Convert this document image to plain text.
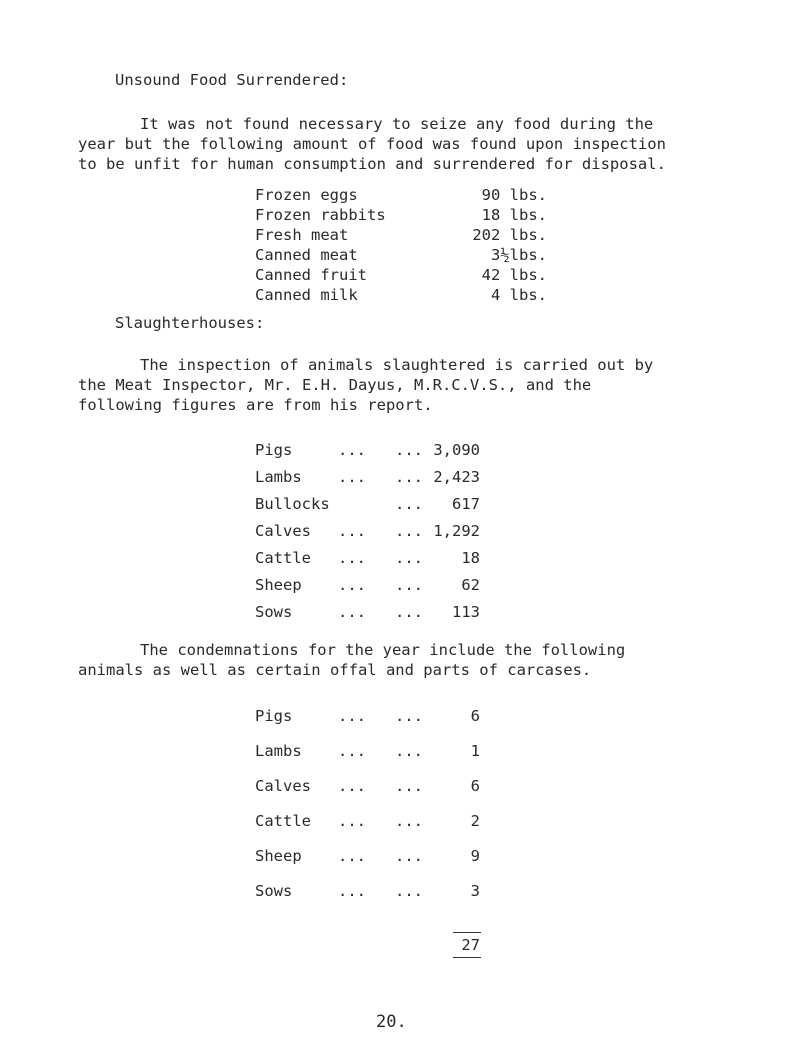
Unsound Food Surrendered:
It was not found necessary to seize any food during the
year but the following amount of food was found upon inspection
to be unfit for human consumption and surrendered for disposal.
Frozen eggs	90 lbs.
Frozen rabbits	18 lbs.
Fresh meat	202 lbs.
Canned meat	3½lbs.
Canned fruit	42 lbs.
Canned milk	4 lbs.
Slaughterhouses:
The inspection of animals slaughtered is carried out by
the Meat Inspector, Mr. E.H. Dayus, M.R.C.V.S., and the
following figures are from his report.
Pigs	... ... 3,090
Lambs ... ... 2,423
Bullocks	...	617
Calves ... ... 1,292
Cattle ... ...	18
Sheep ... ...	62
Sows	... ...	113
The condemnations for the year include the following
animals as well as certain offal and parts of carcases.
Pigs	... ...	6
Lambs ... ...	1
Calves ... ...	6
Cattle ... ...	2
Sheep ... ...	9
Sows	... ...	3
27
20.
